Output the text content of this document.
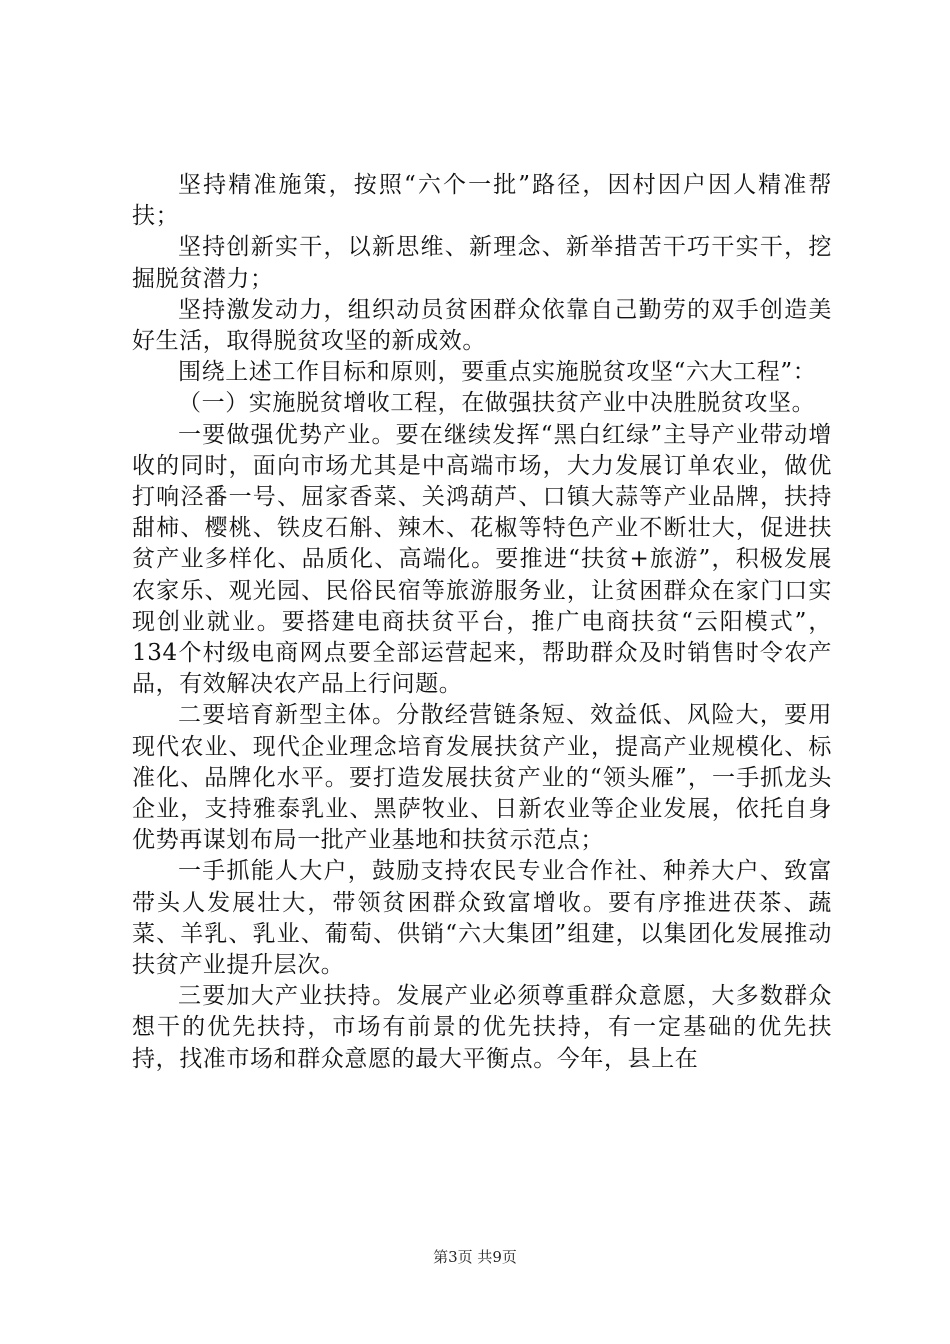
坚持精准施策，按照“六个一批”路径，因村因户因人精准帮扶；

坚持创新实干，以新思维、新理念、新举措苦干巧干实干，挖掘脱贫潜力；

坚持激发动力，组织动员贫困群众依靠自己勤劳的双手创造美好生活，取得脱贫攻坚的新成效。

围绕上述工作目标和原则，要重点实施脱贫攻坚“六大工程”：

（一）实施脱贫增收工程，在做强扶贫产业中决胜脱贫攻坚。

一要做强优势产业。要在继续发挥“黑白红绿”主导产业带动增收的同时，面向市场尤其是中高端市场，大力发展订单农业，做优打响泾番一号、屈家香菜、关鸿葫芦、口镇大蒜等产业品牌，扶持甜柿、樱桃、铁皮石斛、辣木、花椒等特色产业不断壮大，促进扶贫产业多样化、品质化、高端化。要推进“扶贫+旅游”，积极发展农家乐、观光园、民俗民宿等旅游服务业，让贫困群众在家门口实现创业就业。要搭建电商扶贫平台，推广电商扶贫“云阳模式”，134个村级电商网点要全部运营起来，帮助群众及时销售时令农产品，有效解决农产品上行问题。

二要培育新型主体。分散经营链条短、效益低、风险大，要用现代农业、现代企业理念培育发展扶贫产业，提高产业规模化、标准化、品牌化水平。要打造发展扶贫产业的“领头雁”，一手抓龙头企业，支持雅泰乳业、黑萨牧业、日新农业等企业发展，依托自身优势再谋划布局一批产业基地和扶贫示范点；

一手抓能人大户，鼓励支持农民专业合作社、种养大户、致富带头人发展壮大，带领贫困群众致富增收。要有序推进茯茶、蔬菜、羊乳、乳业、葡萄、供销“六大集团”组建，以集团化发展推动扶贫产业提升层次。

三要加大产业扶持。发展产业必须尊重群众意愿，大多数群众想干的优先扶持，市场有前景的优先扶持，有一定基础的优先扶持，找准市场和群众意愿的最大平衡点。今年，县上在

第3页 共9页
